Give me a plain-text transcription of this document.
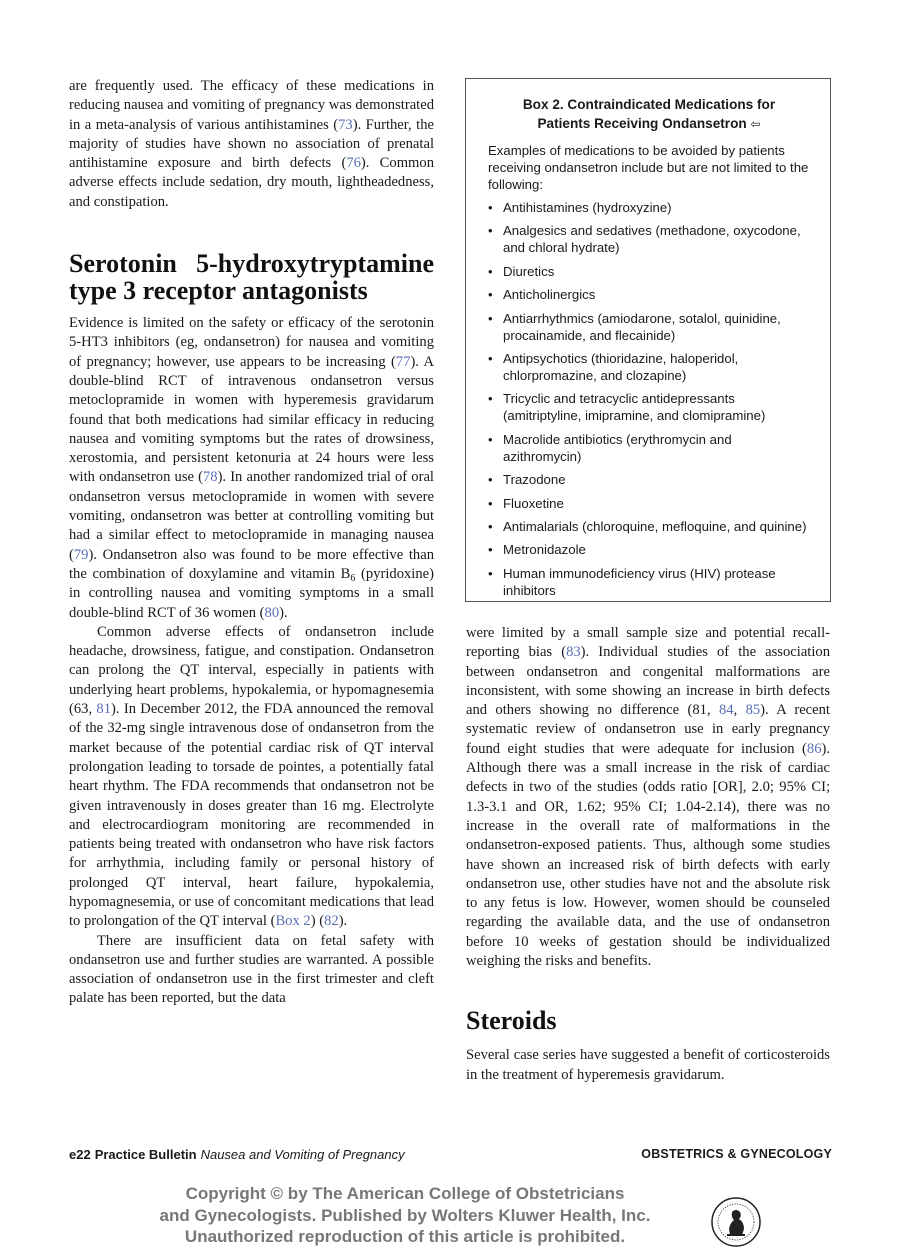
are frequently used. The efficacy of these medications in reducing nausea and vomiting of pregnancy was demonstrated in a meta-analysis of various antihistamines (73). Further, the majority of studies have shown no association of prenatal antihistamine exposure and birth defects (76). Common adverse effects include sedation, dry mouth, lightheadedness, and constipation.

Serotonin 5-hydroxytryptamine type 3 receptor antagonists

Evidence is limited on the safety or efficacy of the serotonin 5-HT3 inhibitors (eg, ondansetron) for nausea and vomiting of pregnancy; however, use appears to be increasing (77). A double-blind RCT of intravenous ondansetron versus metoclopramide in women with hyperemesis gravidarum found that both medications had similar efficacy in reducing nausea and vomiting symptoms but the rates of drowsiness, xerostomia, and persistent ketonuria at 24 hours were less with ondansetron use (78). In another randomized trial of oral ondansetron versus metoclopramide in women with severe vomiting, ondansetron was better at controlling vomiting but had a similar effect to metoclopramide in managing nausea (79). Ondansetron also was found to be more effective than the combination of doxylamine and vitamin $B_6$ (pyridoxine) in controlling nausea and vomiting symptoms in a small double-blind RCT of 36 women (80).

Common adverse effects of ondansetron include headache, drowsiness, fatigue, and constipation. Ondansetron can prolong the QT interval, especially in patients with underlying heart problems, hypokalemia, or hypomagnesemia (63, 81). In December 2012, the FDA announced the removal of the 32-mg single intravenous dose of ondansetron from the market because of the potential cardiac risk of QT interval prolongation leading to torsade de pointes, a potentially fatal heart rhythm. The FDA recommends that ondansetron not be given intravenously in doses greater than 16 mg. Electrolyte and electrocardiogram monitoring are recommended in patients being treated with ondansetron who have risk factors for arrhythmia, including family or personal history of prolonged QT interval, heart failure, hypokalemia, hypomagnesemia, or use of concomitant medications that lead to prolongation of the QT interval (Box 2) (82).

There are insufficient data on fetal safety with ondansetron use and further studies are warranted. A possible association of ondansetron use in the first trimester and cleft palate has been reported, but the data

Box 2. Contraindicated Medications for
Patients Receiving Ondansetron ⇦

Examples of medications to be avoided by patients receiving ondansetron include but are not limited to the following:

• Antihistamines (hydroxyzine)
• Analgesics and sedatives (methadone, oxycodone, and chloral hydrate)
• Diuretics
• Anticholinergics
• Antiarrhythmics (amiodarone, sotalol, quinidine, procainamide, and flecainide)
• Antipsychotics (thioridazine, haloperidol, chlorpromazine, and clozapine)
• Tricyclic and tetracyclic antidepressants (amitriptyline, imipramine, and clomipramine)
• Macrolide antibiotics (erythromycin and azithromycin)
• Trazodone
• Fluoxetine
• Antimalarials (chloroquine, mefloquine, and quinine)
• Metronidazole
• Human immunodeficiency virus (HIV) protease inhibitors

were limited by a small sample size and potential recall-reporting bias (83). Individual studies of the association between ondansetron and congenital malformations are inconsistent, with some showing an increase in birth defects and others showing no difference (81, 84, 85). A recent systematic review of ondansetron use in early pregnancy found eight studies that were adequate for inclusion (86). Although there was a small increase in the risk of cardiac defects in two of the studies (odds ratio [OR], 2.0; 95% CI; 1.3-3.1 and OR, 1.62; 95% CI; 1.04-2.14), there was no increase in the overall rate of malformations in the ondansetron-exposed patients. Thus, although some studies have shown an increased risk of birth defects with early ondansetron use, other studies have not and the absolute risk to any fetus is low. However, women should be counseled regarding the available data, and the use of ondansetron before 10 weeks of gestation should be individualized weighing the risks and benefits.

Steroids

Several case series have suggested a benefit of corticosteroids in the treatment of hyperemesis gravidarum.

e22 Practice Bulletin Nausea and Vomiting of Pregnancy	OBSTETRICS & GYNECOLOGY
Copyright © by The American College of Obstetricians
and Gynecologists. Published by Wolters Kluwer Health, Inc.
Unauthorized reproduction of this article is prohibited.
